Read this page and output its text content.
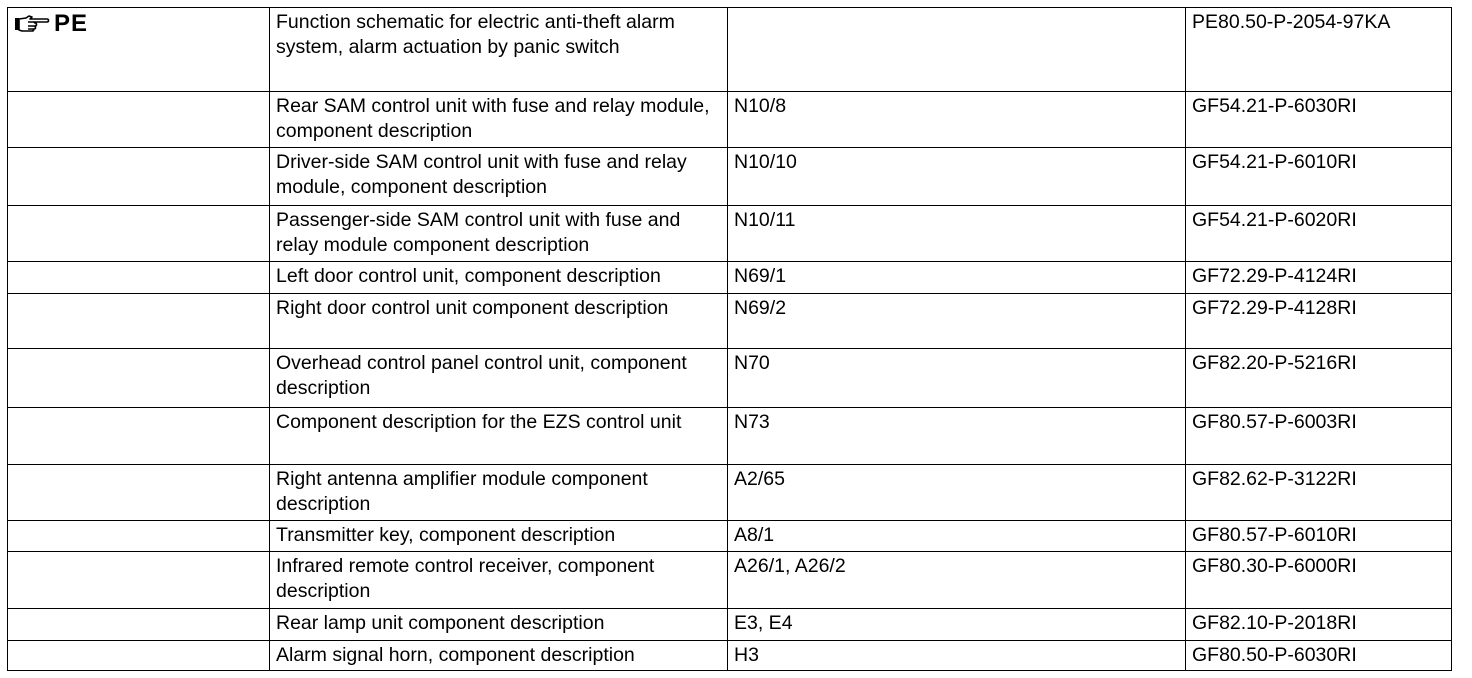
PE	Function schematic for electric anti-theft alarm system, alarm actuation by panic switch		PE80.50-P-2054-97KA
	Rear SAM control unit with fuse and relay module, component description	N10/8	GF54.21-P-6030RI
	Driver-side SAM control unit with fuse and relay module, component description	N10/10	GF54.21-P-6010RI
	Passenger-side SAM control unit with fuse and relay module component description	N10/11	GF54.21-P-6020RI
	Left door control unit, component description	N69/1	GF72.29-P-4124RI
	Right door control unit component description	N69/2	GF72.29-P-4128RI
	Overhead control panel control unit, component description	N70	GF82.20-P-5216RI
	Component description for the EZS control unit	N73	GF80.57-P-6003RI
	Right antenna amplifier module component description	A2/65	GF82.62-P-3122RI
	Transmitter key, component description	A8/1	GF80.57-P-6010RI
	Infrared remote control receiver, component description	A26/1, A26/2	GF80.30-P-6000RI
	Rear lamp unit component description	E3, E4	GF82.10-P-2018RI
	Alarm signal horn, component description	H3	GF80.50-P-6030RI
